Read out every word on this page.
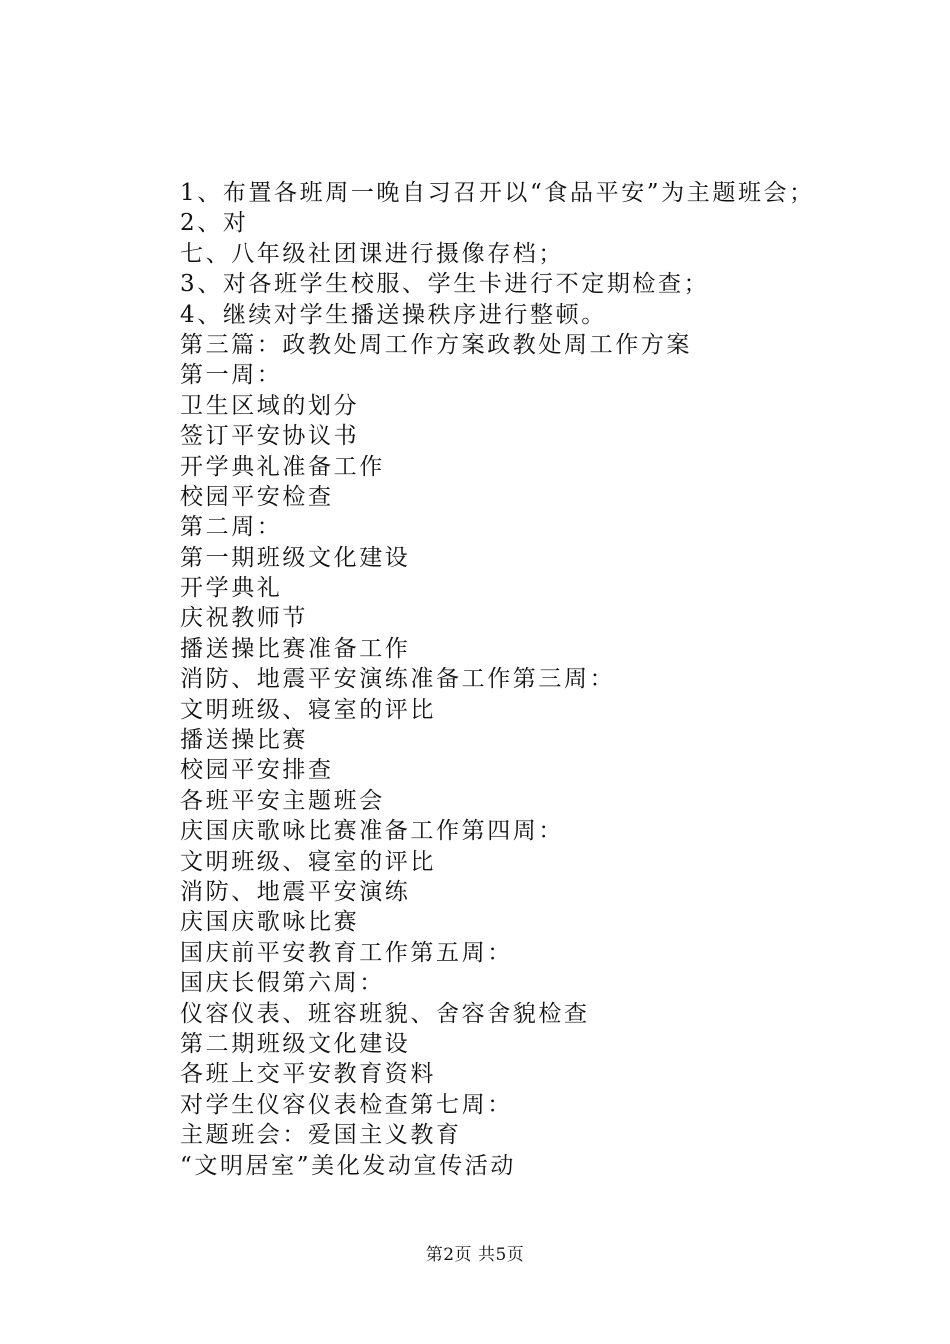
1、布置各班周一晚自习召开以“食品平安”为主题班会；
2、对
七、八年级社团课进行摄像存档；
3、对各班学生校服、学生卡进行不定期检查；
4、继续对学生播送操秩序进行整顿。
第三篇：政教处周工作方案政教处周工作方案
第一周：
卫生区域的划分
签订平安协议书
开学典礼准备工作
校园平安检查
第二周：
第一期班级文化建设
开学典礼
庆祝教师节
播送操比赛准备工作
消防、地震平安演练准备工作第三周：
文明班级、寝室的评比
播送操比赛
校园平安排查
各班平安主题班会
庆国庆歌咏比赛准备工作第四周：
文明班级、寝室的评比
消防、地震平安演练
庆国庆歌咏比赛
国庆前平安教育工作第五周：
国庆长假第六周：
仪容仪表、班容班貌、舍容舍貌检查
第二期班级文化建设
各班上交平安教育资料
对学生仪容仪表检查第七周：
主题班会：爱国主义教育
“文明居室”美化发动宣传活动
第2页 共5页
